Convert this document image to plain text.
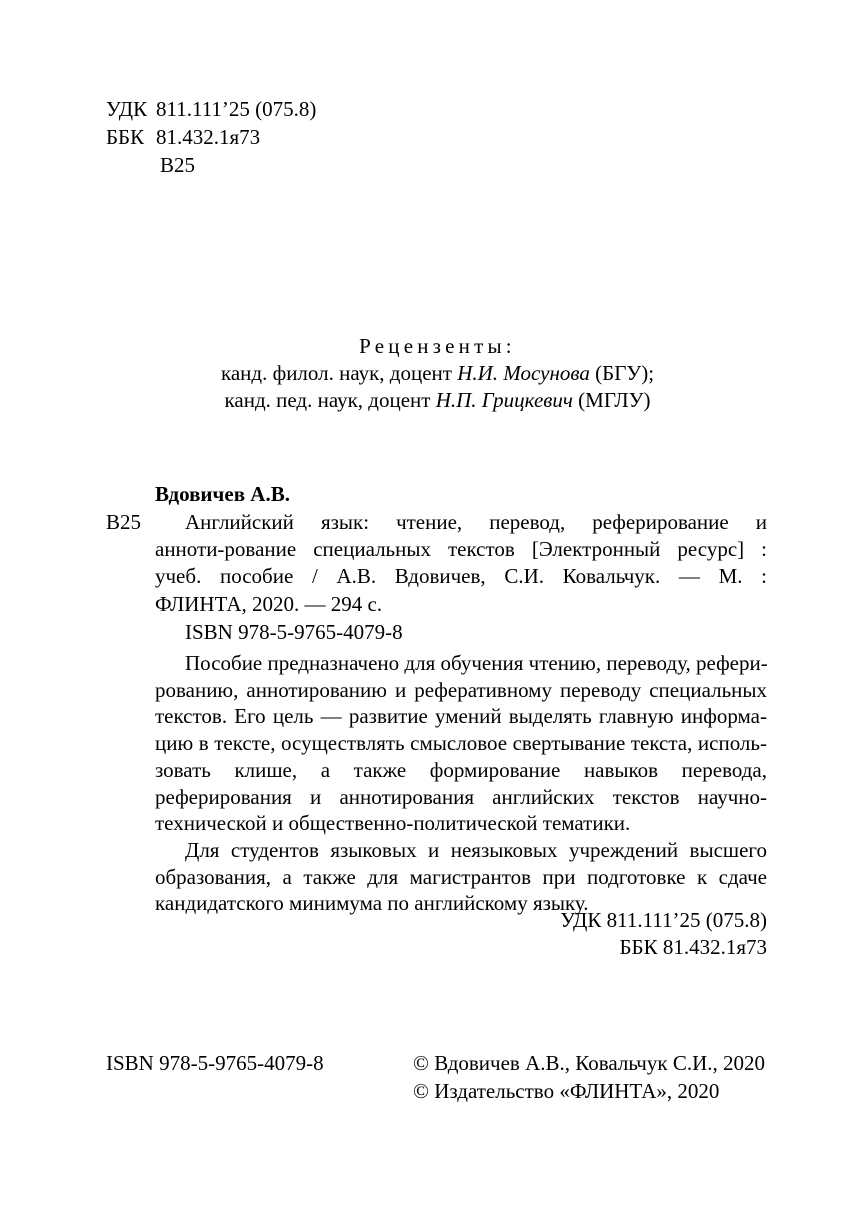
УДК 811.111’25 (075.8)
ББК 81.432.1я73
В25
Рецензенты:
канд. филол. наук, доцент Н.И. Мосунова (БГУ);
канд. пед. наук, доцент Н.П. Грицкевич (МГЛУ)
Вдовичев А.В.
В25	Английский язык: чтение, перевод, реферирование и
анноти-рование специальных текстов [Электронный ресурс] :
учеб. пособие / А.В. Вдовичев, С.И. Ковальчук. — М. :
ФЛИНТА, 2020. — 294 с.
ISBN 978-5-9765-4079-8
Пособие предназначено для обучения чтению, переводу, рефери-
рованию, аннотированию и реферативному переводу специальных
текстов. Его цель — развитие умений выделять главную информа-
цию в тексте, осуществлять смысловое свертывание текста, исполь-
зовать клише, а также формирование навыков перевода,
реферирования и аннотирования английских текстов научно-
технической и общественно-политической тематики.
Для студентов языковых и неязыковых учреждений высшего
образования, а также для магистрантов при подготовке к сдаче
кандидатского минимума по английскому языку.
УДК 811.111’25 (075.8)
ББК 81.432.1я73
ISBN 978-5-9765-4079-8	© Вдовичев А.В., Ковальчук С.И., 2020
© Издательство «ФЛИНТА», 2020
